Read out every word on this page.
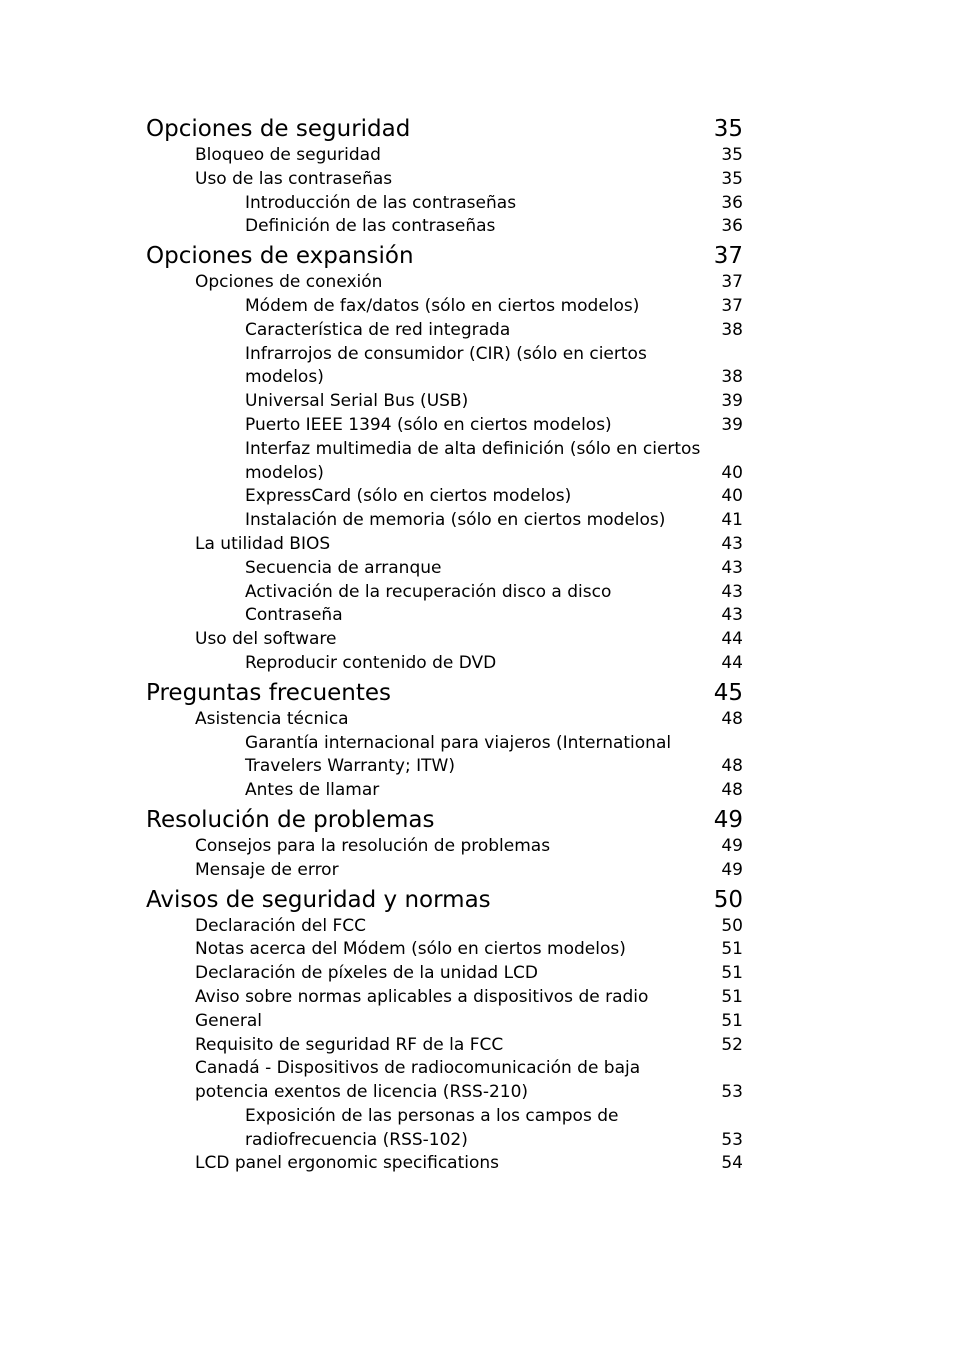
Opciones de seguridad	35
Bloqueo de seguridad	35
Uso de las contraseñas	35
Introducción de las contraseñas	36
Definición de las contraseñas	36
Opciones de expansión	37
Opciones de conexión	37
Módem de fax/datos (sólo en ciertos modelos)	37
Característica de red integrada	38
Infrarrojos de consumidor (CIR) (sólo en ciertos modelos)	38
Universal Serial Bus (USB)	39
Puerto IEEE 1394 (sólo en ciertos modelos)	39
Interfaz multimedia de alta definición (sólo en ciertos modelos)	40
ExpressCard (sólo en ciertos modelos)	40
Instalación de memoria (sólo en ciertos modelos)	41
La utilidad BIOS	43
Secuencia de arranque	43
Activación de la recuperación disco a disco	43
Contraseña	43
Uso del software	44
Reproducir contenido de DVD	44
Preguntas frecuentes	45
Asistencia técnica	48
Garantía internacional para viajeros (International Travelers Warranty; ITW)	48
Antes de llamar	48
Resolución de problemas	49
Consejos para la resolución de problemas	49
Mensaje de error	49
Avisos de seguridad y normas	50
Declaración del FCC	50
Notas acerca del Módem (sólo en ciertos modelos)	51
Declaración de píxeles de la unidad LCD	51
Aviso sobre normas aplicables a dispositivos de radio	51
General	51
Requisito de seguridad RF de la FCC	52
Canadá - Dispositivos de radiocomunicación de baja potencia exentos de licencia (RSS-210)	53
Exposición de las personas a los campos de radiofrecuencia (RSS-102)	53
LCD panel ergonomic specifications	54
